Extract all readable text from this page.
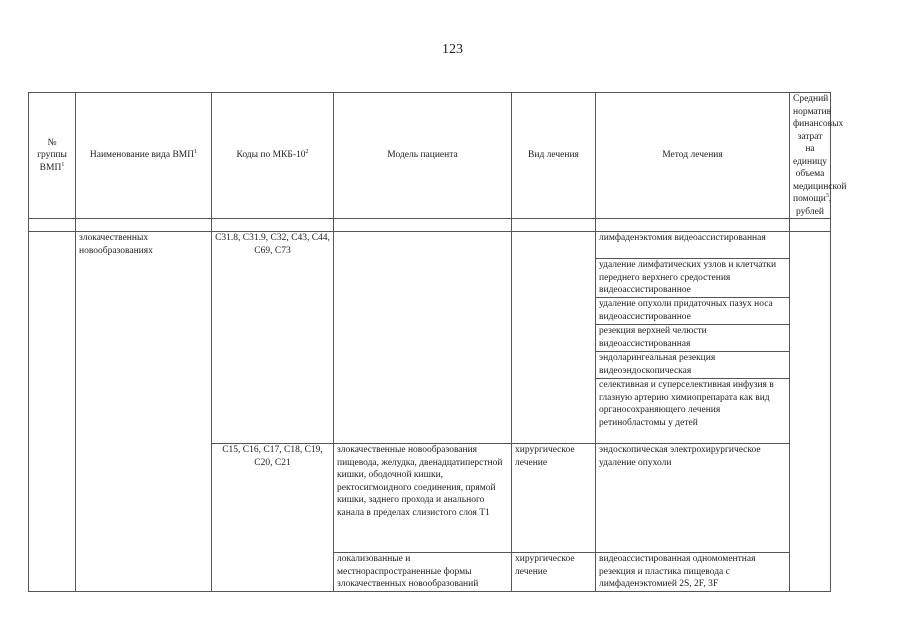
123
№ группы ВМП$^1$	Наименование вида ВМП$^1$	Коды по МКБ-$10^2$	Модель пациента	Вид лечения	Метод лечения	Средний норматив финансовых затрат на единицу объема медицинской помощи$^3$, рублей

	злокачественных новообразованиях	C31.8, C31.9, C32, C43, C44, C69, C73			лимфаденэктомия видеоассистированная	
					удаление лимфатических узлов и клетчатки переднего верхнего средостения видеоассистированное	
					удаление опухоли придаточных пазух носа видеоассистированное	
					резекция верхней челюсти видеоассистированная	
					эндоларингеальная резекция видеоэндоскопическая	
					селективная и суперселективная инфузия в глазную артерию химиопрепарата как вид органосохраняющего лечения ретинобластомы у детей	
		C15, C16, C17, C18, C19, C20, C21	злокачественные новообразования пищевода, желудка, двенадцатиперстной кишки, ободочной кишки, ректосигмоидного соединения, прямой кишки, заднего прохода и анального канала в пределах слизистого слоя T1	хирургическое лечение	эндоскопическая электрохирургическое удаление опухоли	
			локализованные и местнораспространенные формы злокачественных новообразований	хирургическое лечение	видеоассистированная одномоментная резекция и пластика пищевода с лимфаденэктомией 2S, 2F, 3F	
